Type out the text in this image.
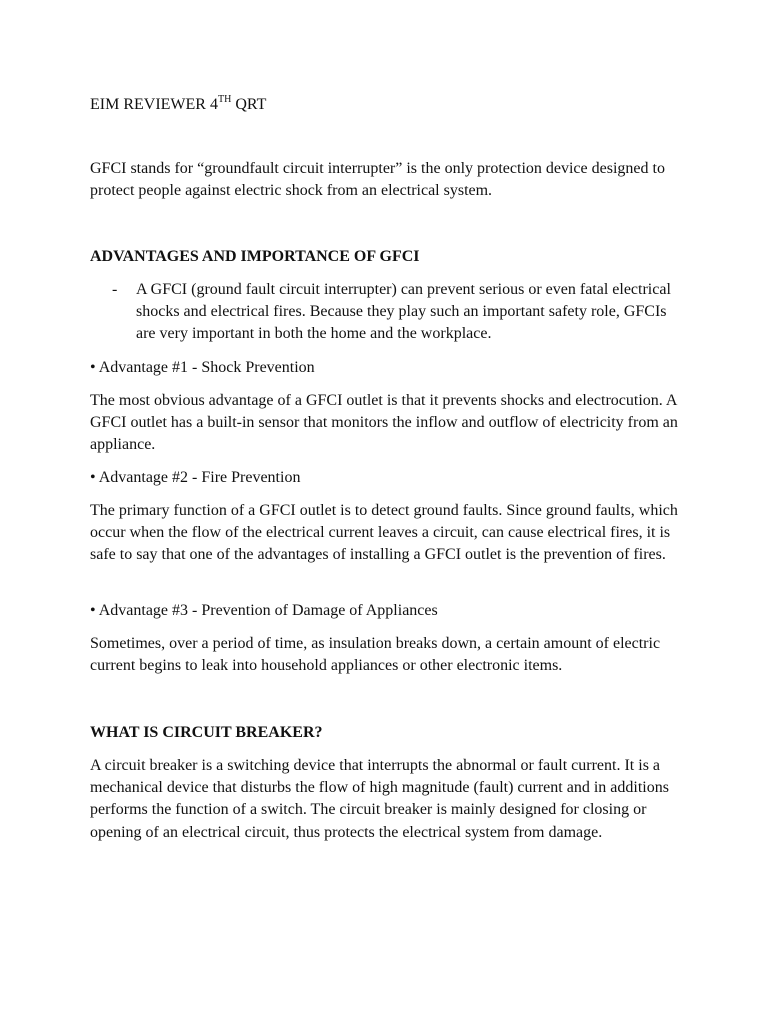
EIM REVIEWER 4TH QRT

GFCI stands for “groundfault circuit interrupter” is the only protection device designed to protect people against electric shock from an electrical system.

ADVANTAGES AND IMPORTANCE OF GFCI
- A GFCI (ground fault circuit interrupter) can prevent serious or even fatal electrical shocks and electrical fires. Because they play such an important safety role, GFCIs are very important in both the home and the workplace.
• Advantage #1 - Shock Prevention

The most obvious advantage of a GFCI outlet is that it prevents shocks and electrocution. A GFCI outlet has a built-in sensor that monitors the inflow and outflow of electricity from an appliance.

• Advantage #2 - Fire Prevention

The primary function of a GFCI outlet is to detect ground faults. Since ground faults, which occur when the flow of the electrical current leaves a circuit, can cause electrical fires, it is safe to say that one of the advantages of installing a GFCI outlet is the prevention of fires.

• Advantage #3 - Prevention of Damage of Appliances

Sometimes, over a period of time, as insulation breaks down, a certain amount of electric current begins to leak into household appliances or other electronic items.

WHAT IS CIRCUIT BREAKER?

A circuit breaker is a switching device that interrupts the abnormal or fault current. It is a mechanical device that disturbs the flow of high magnitude (fault) current and in additions performs the function of a switch. The circuit breaker is mainly designed for closing or opening of an electrical circuit, thus protects the electrical system from damage.
